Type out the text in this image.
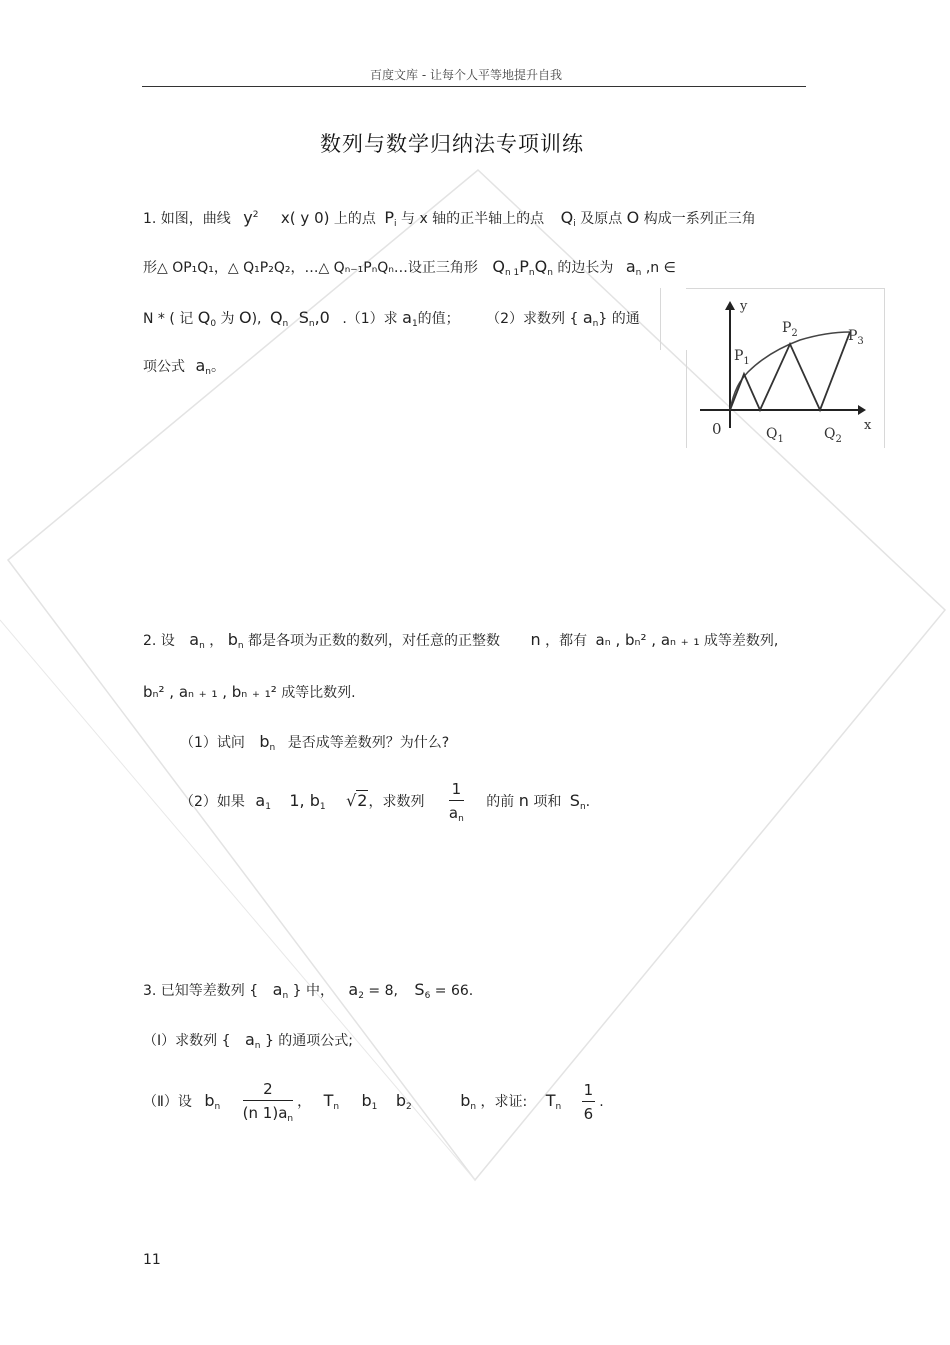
百度文库 - 让每个人平等地提升自我
数列与数学归纳法专项训练
1. 如图，曲线 $y^2$ x( y 0) 上的点 $P_i$ 与 x 轴的正半轴上的点 $Q_i$ 及原点 O 构成一系列正三角
形△ OP₁Q₁，△ Q₁P₂Q₂，…△ Qₙ₋₁PₙQₙ…设正三角形 $Q_{n 1}P_nQ_n$ 的边长为 $a_n$ ,n ∈
N * ( 记 $Q_0$ 为 O), $Q_n$ $S_n,0$ .（1）求 $a_1$的值； （2）求数列 { $a_n$} 的通
项公式 $a_n$。
y
x
0
$P_1$
$P_2$	$P_3$
$Q_1$	$Q_2$
2. 设 $a_n$ ， $b_n$ 都是各项为正数的数列，对任意的正整数 n ，都有 aₙ , bₙ² , aₙ ₊ ₁ 成等差数列,
bₙ² , aₙ ₊ ₁ , bₙ ₊ ₁² 成等比数列.
（1）试问 $b_n$ 是否成等差数列？为什么?
（2）如果 $a_1$ 1, $b_1$ √2，求数列 $\frac{1}{a_n}$ 的前 n 项和 $S_n$.
3. 已知等差数列 { $a_n$ } 中， $a_2 = 8$, $S_6 = 66$.
（Ⅰ）求数列 { $a_n$ } 的通项公式;
（Ⅱ）设 $b_n \frac{2}{(n 1)a_n}$ ， $T_n$ $b_1$ $b_2$	$b_n$ ，求证: $T_n \frac{1}{6}$ .
11
